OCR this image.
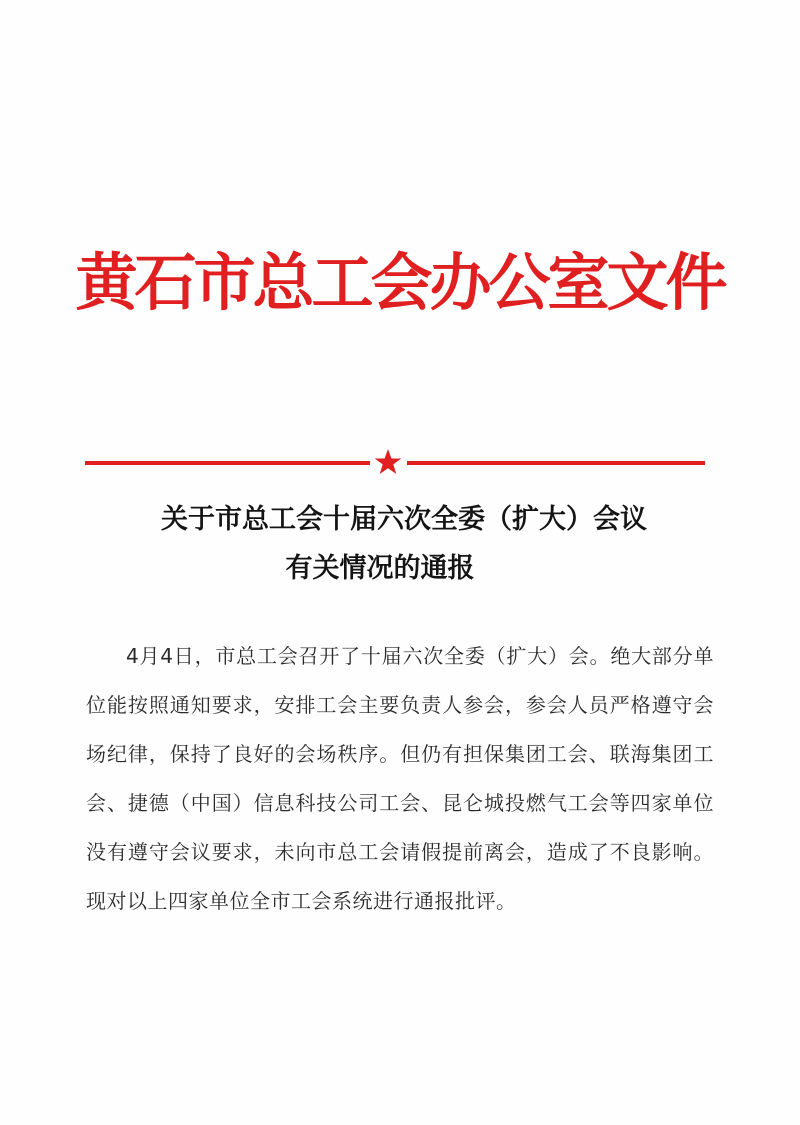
黄石市总工会办公室文件
关于市总工会十届六次全委（扩大）会议
有关情况的通报
4月4日，市总工会召开了十届六次全委（扩大）会。绝大部分单位能按照通知要求，安排工会主要负责人参会，参会人员严格遵守会场纪律，保持了良好的会场秩序。但仍有担保集团工会、联海集团工会、捷德（中国）信息科技公司工会、昆仑城投燃气工会等四家单位没有遵守会议要求，未向市总工会请假提前离会，造成了不良影响。现对以上四家单位全市工会系统进行通报批评。
